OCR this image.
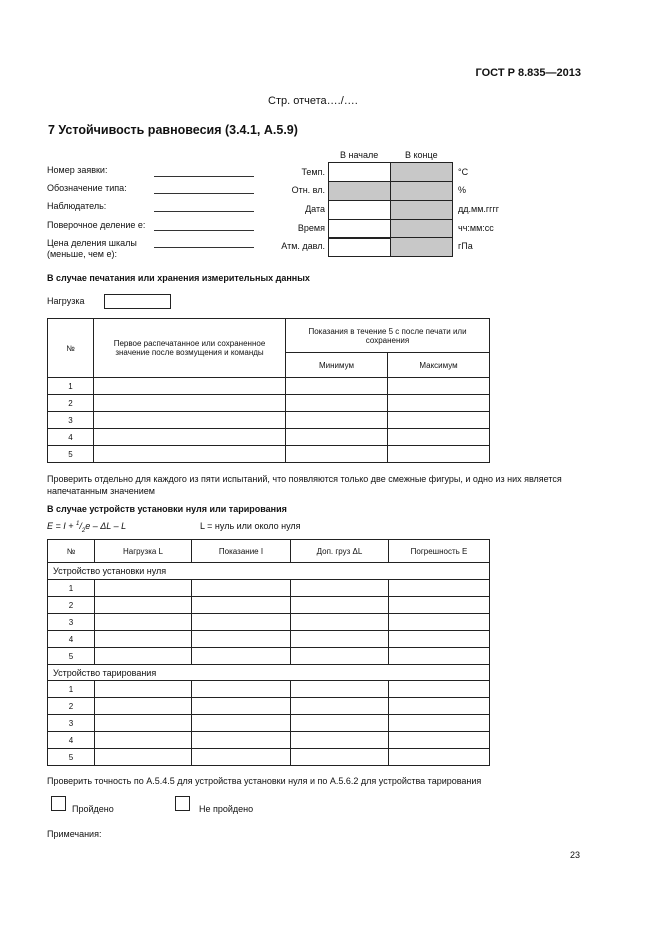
ГОСТ Р 8.835—2013
Стр. отчета…./….
7 Устойчивость равновесия (3.4.1, А.5.9)
В начале	В конце
Номер заявки:
Обозначение типа:
Наблюдатель:
Поверочное деление е:
Цена деления шкалы
(меньше, чем е):
Темп.	°C
Отн. вл.	%
Дата	дд.мм.гггг
Время	чч:мм:сс
Атм. давл.	гПа
В случае печатания или хранения измерительных данных
Нагрузка
№	Первое распечатанное или сохраненное значение после возмущения и команды	Показания в течение 5 с после печати или сохранения	
		Минимум	Максимум
1			
2			
3			
4			
5			
Проверить отдельно для каждого из пяти испытаний, что появляются только две смежные фигуры, и одно из них является напечатанным значением
В случае устройств установки нуля или тарирования
$E = I + ^1/_2e - \Delta L - L$	L = нуль или около нуля
№	Нагрузка L	Показание I	Доп. груз ΔL	Погрешность E
Устройство установки нуля				
1				
2				
3				
4				
5				
Устройство тарирования				
1				
2				
3				
4				
5				
Проверить точность по А.5.4.5 для устройства установки нуля и по А.5.6.2 для устройства тарирования
Пройдено	Не пройдено
Примечания:
23
